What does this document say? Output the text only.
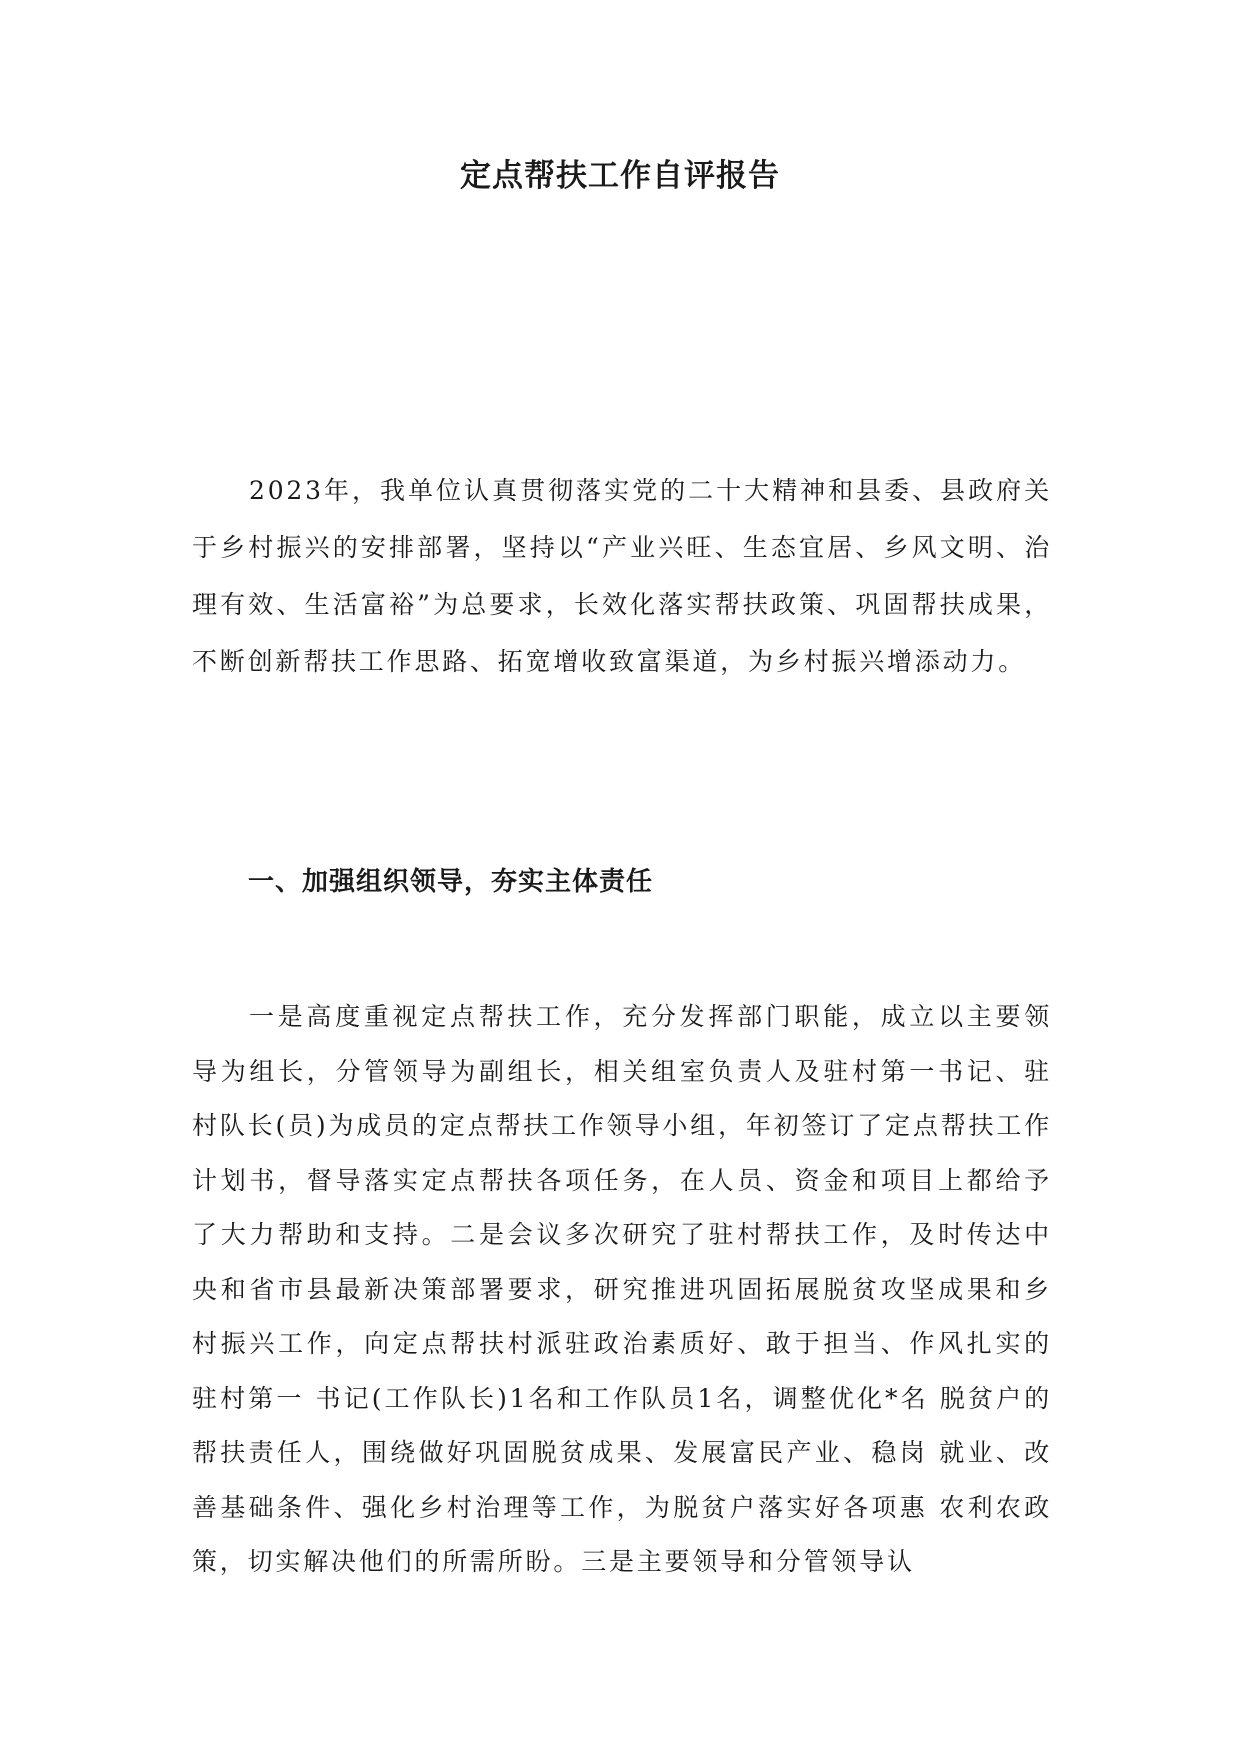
定点帮扶工作自评报告

2023年，我单位认真贯彻落实党的二十大精神和县委、县政府关于乡村振兴的安排部署，坚持以“产业兴旺、生态宜居、乡风文明、治理有效、生活富裕”为总要求，长效化落实帮扶政策、巩固帮扶成果，不断创新帮扶工作思路、拓宽增收致富渠道，为乡村振兴增添动力。

一、加强组织领导，夯实主体责任

一是高度重视定点帮扶工作，充分发挥部门职能，成立以主要领导为组长，分管领导为副组长，相关组室负责人及驻村第一书记、驻村队长(员)为成员的定点帮扶工作领导小组，年初签订了定点帮扶工作计划书，督导落实定点帮扶各项任务，在人员、资金和项目上都给予了大力帮助和支持。二是会议多次研究了驻村帮扶工作，及时传达中央和省市县最新决策部署要求，研究推进巩固拓展脱贫攻坚成果和乡村振兴工作，向定点帮扶村派驻政治素质好、敢于担当、作风扎实的驻村第一 书记(工作队长)1名和工作队员1名，调整优化*名 脱贫户的帮扶责任人，围绕做好巩固脱贫成果、发展富民产业、稳岗 就业、改善基础条件、强化乡村治理等工作，为脱贫户落实好各项惠 农利农政策，切实解决他们的所需所盼。三是主要领导和分管领导认
